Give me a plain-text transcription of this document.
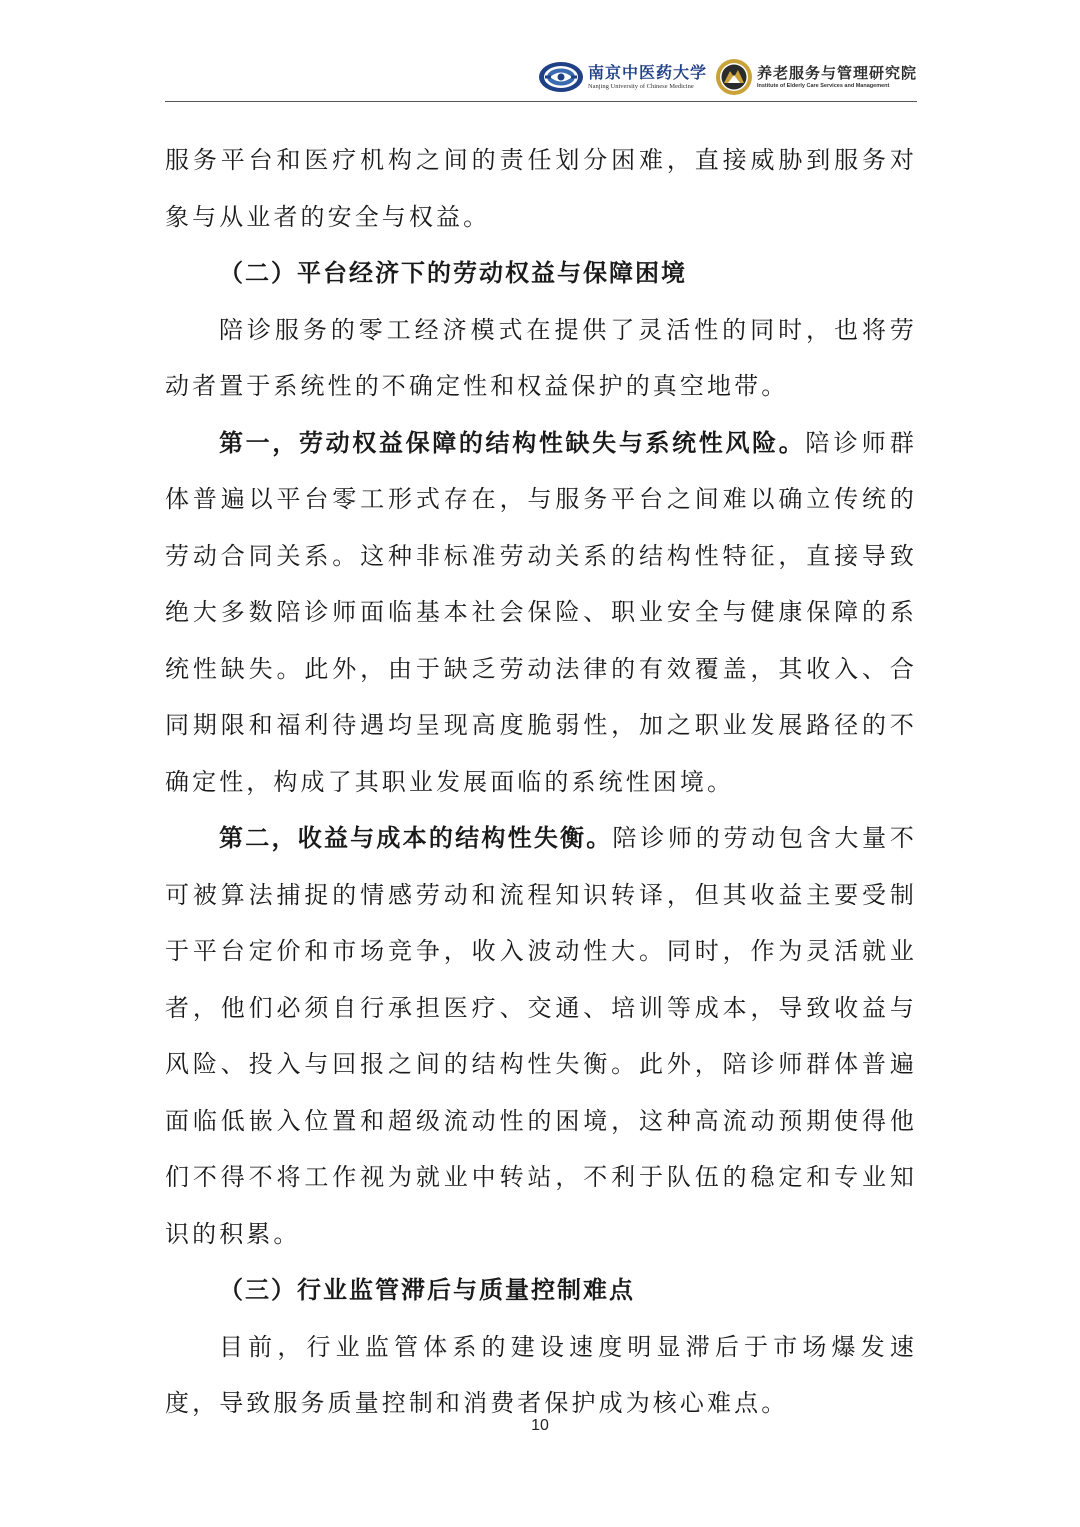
南京中医药大学
Nanjing University of Chinese Medicine
养老服务与管理研究院
Institute of Elderly Care Services and Management

服务平台和医疗机构之间的责任划分困难，直接威胁到服务对象与从业者的安全与权益。

（二）平台经济下的劳动权益与保障困境

陪诊服务的零工经济模式在提供了灵活性的同时，也将劳动者置于系统性的不确定性和权益保护的真空地带。

第一，劳动权益保障的结构性缺失与系统性风险。陪诊师群体普遍以平台零工形式存在，与服务平台之间难以确立传统的劳动合同关系。这种非标准劳动关系的结构性特征，直接导致绝大多数陪诊师面临基本社会保险、职业安全与健康保障的系统性缺失。此外，由于缺乏劳动法律的有效覆盖，其收入、合同期限和福利待遇均呈现高度脆弱性，加之职业发展路径的不确定性，构成了其职业发展面临的系统性困境。

第二，收益与成本的结构性失衡。陪诊师的劳动包含大量不可被算法捕捉的情感劳动和流程知识转译，但其收益主要受制于平台定价和市场竞争，收入波动性大。同时，作为灵活就业者，他们必须自行承担医疗、交通、培训等成本，导致收益与风险、投入与回报之间的结构性失衡。此外，陪诊师群体普遍面临低嵌入位置和超级流动性的困境，这种高流动预期使得他们不得不将工作视为就业中转站，不利于队伍的稳定和专业知识的积累。

（三）行业监管滞后与质量控制难点

目前，行业监管体系的建设速度明显滞后于市场爆发速度，导致服务质量控制和消费者保护成为核心难点。

10
